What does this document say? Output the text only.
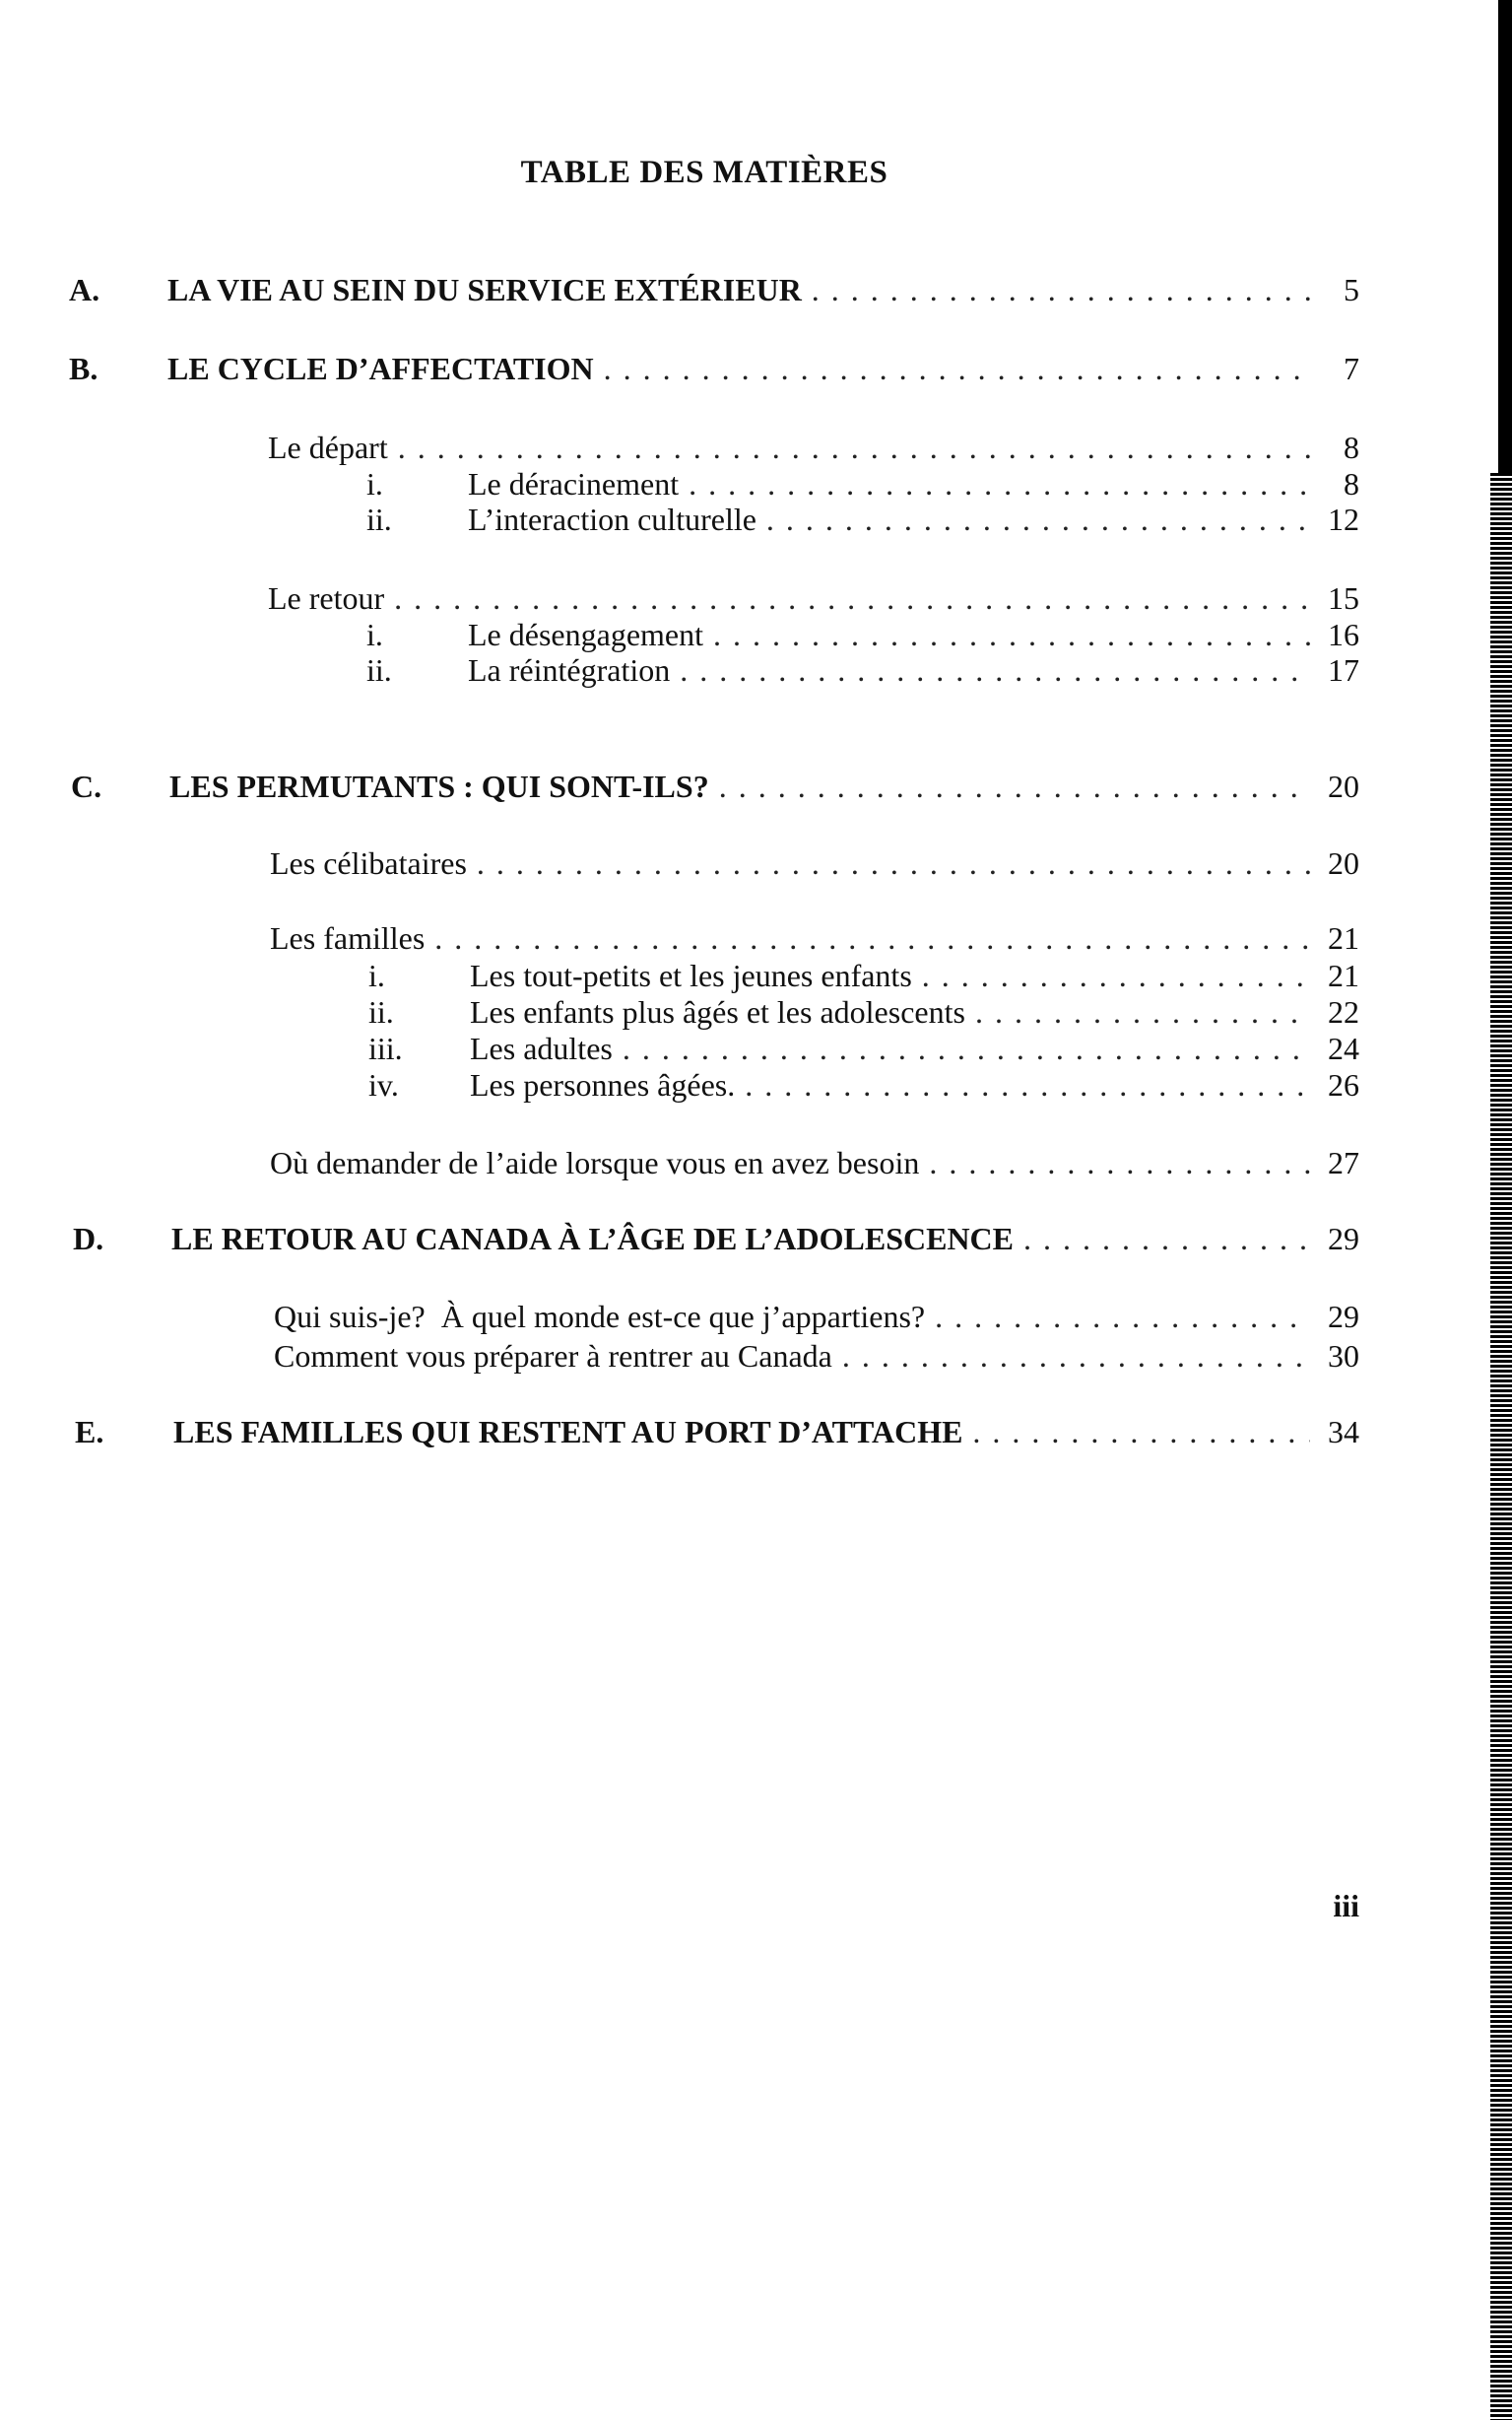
TABLE DES MATIÈRES
A.	LA VIE AU SEIN DU SERVICE EXTÉRIEUR . . .	5
B.	LE CYCLE D’AFFECTATION . . .	7
Le départ . . .	8
i.	Le déracinement . . .	8
ii.	L’interaction culturelle . . .	12
Le retour . . .	15
i.	Le désengagement . . .	16
ii.	La réintégration . . .	17
C.	LES PERMUTANTS : QUI SONT-ILS? . . .	20
Les célibataires . . .	20
Les familles . . .	21
i.	Les tout-petits et les jeunes enfants . . .	21
ii.	Les enfants plus âgés et les adolescents . . .	22
iii.	Les adultes . . .	24
iv.	Les personnes âgées. . . .	26
Où demander de l’aide lorsque vous en avez besoin . . .	27
D.	LE RETOUR AU CANADA À L’ÂGE DE L’ADOLESCENCE . . .	29
Qui suis-je?  À quel monde est-ce que j’appartiens? . . .	29
Comment vous préparer à rentrer au Canada . . .	30
E.	LES FAMILLES QUI RESTENT AU PORT D’ATTACHE . . .	34
iii
